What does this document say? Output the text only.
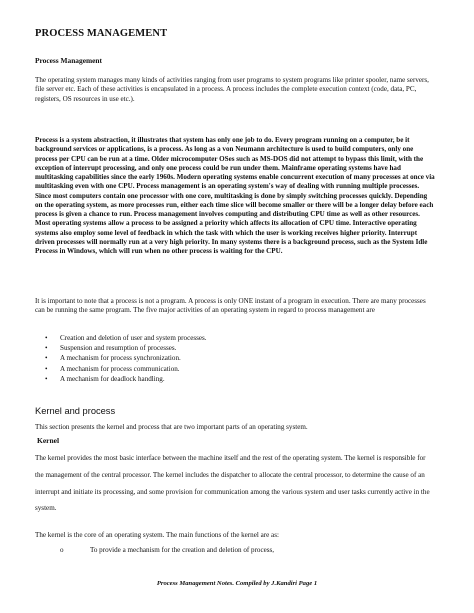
PROCESS MANAGEMENT
Process Management
The operating system manages many kinds of activities ranging from user programs to system programs like printer spooler, name servers, file server etc. Each of these activities is encapsulated in a process. A process includes the complete execution context (code, data, PC, registers, OS resources in use etc.).
Process is a system abstraction, it illustrates that system has only one job to do. Every program running on a computer, be it background services or applications, is a process. As long as a von Neumann architecture is used to build computers, only one process per CPU can be run at a time. Older microcomputer OSes such as MS-DOS did not attempt to bypass this limit, with the exception of interrupt processing, and only one process could be run under them. Mainframe operating systems have had multitasking capabilities since the early 1960s. Modern operating systems enable concurrent execution of many processes at once via multitasking even with one CPU. Process management is an operating system's way of dealing with running multiple processes. Since most computers contain one processor with one core, multitasking is done by simply switching processes quickly. Depending on the operating system, as more processes run, either each time slice will become smaller or there will be a longer delay before each process is given a chance to run. Process management involves computing and distributing CPU time as well as other resources. Most operating systems allow a process to be assigned a priority which affects its allocation of CPU time. Interactive operating systems also employ some level of feedback in which the task with which the user is working receives higher priority. Interrupt driven processes will normally run at a very high priority. In many systems there is a background process, such as the System Idle Process in Windows, which will run when no other process is waiting for the CPU.
It is important to note that a process is not a program. A process is only ONE instant of a program in execution. There are many processes can be running the same program. The five major activities of an operating system in regard to process management are
• Creation and deletion of user and system processes.
• Suspension and resumption of processes.
• A mechanism for process synchronization.
• A mechanism for process communication.
• A mechanism for deadlock handling.
Kernel and process
This section presents the kernel and process that are two important parts of an operating system.
Kernel
The kernel provides the most basic interface between the machine itself and the rest of the operating system. The kernel is responsible for the management of the central processor. The kernel includes the dispatcher to allocate the central processor, to determine the cause of an interrupt and initiate its processing, and some provision for communication among the various system and user tasks currently active in the system.
The kernel is the core of an operating system. The main functions of the kernel are as:
o	To provide a mechanism for the creation and deletion of process,
Process Management Notes. Compiled by J.Kandiri Page 1
